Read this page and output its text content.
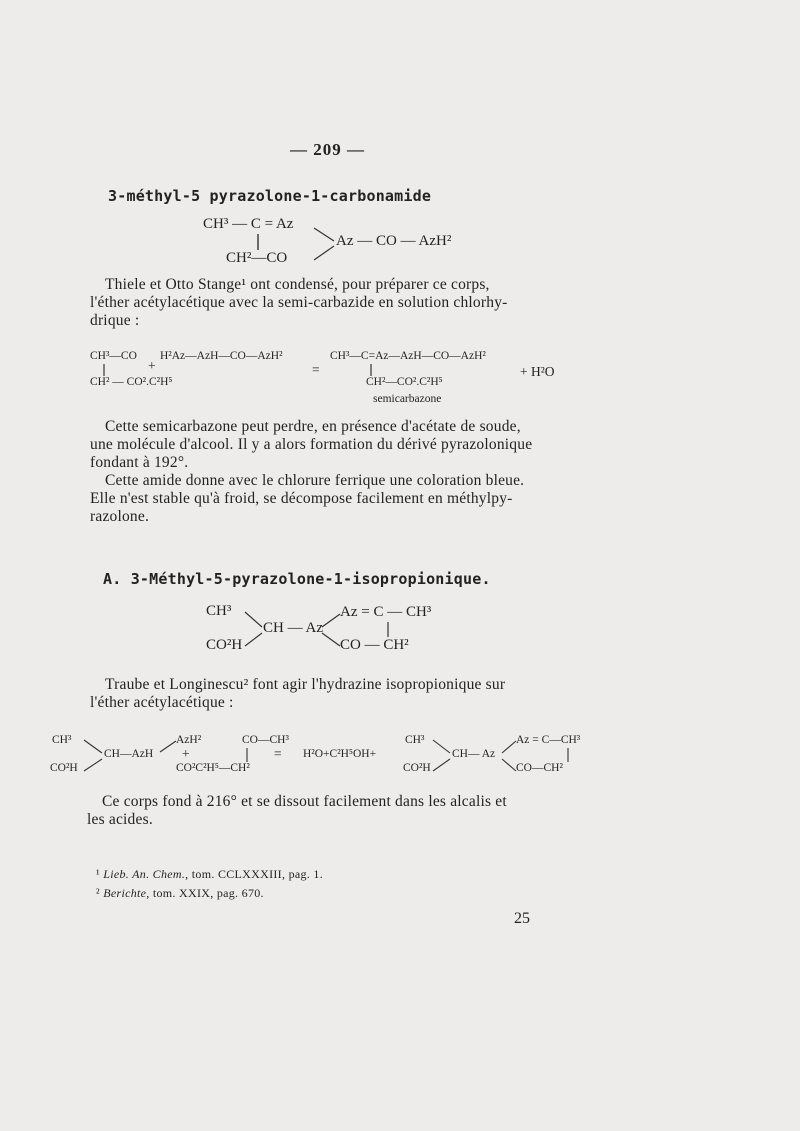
— 209 —
3-méthyl-5 pyrazolone-1-carbonamide
CH³ — C = Az
Az — CO — AzH²
CH²—CO
Thiele et Otto Stange¹ ont condensé, pour préparer ce corps,
l'éther acétylacétique avec la semi-carbazide en solution chlorhy-
drique :
CH³—CO H²Az—AzH—CO—AzH²
+
CH² — CO².C²H⁵
=
CH³—C=Az—AzH—CO—AzH²
CH²—CO².C²H⁵
semicarbazone
+ H²O
Cette semicarbazone peut perdre, en présence d'acétate de soude,
une molécule d'alcool. Il y a alors formation du dérivé pyrazolonique
fondant à 192°.
Cette amide donne avec le chlorure ferrique une coloration bleue.
Elle n'est stable qu'à froid, se décompose facilement en méthylpy-
razolone.
A. 3-Méthyl-5-pyrazolone-1-isopropionique.
CH³
CO²H
CH — Az
Az = C — CH³
CO — CH²
Traube et Longinescu² font agir l'hydrazine isopropionique sur
l'éther acétylacétique :
CH³
CO²H
CH—AzH
AzH²
+
CO—CH³
CO²C²H⁵—CH²
= H²O+C²H⁵OH+
CH³
CO²H
CH— Az
Az = C—CH³
CO—CH²
Ce corps fond à 216° et se dissout facilement dans les alcalis et
les acides.
¹ Lieb. An. Chem., tom. CCLXXXIII, pag. 1.
² Berichte, tom. XXIX, pag. 670.
25
